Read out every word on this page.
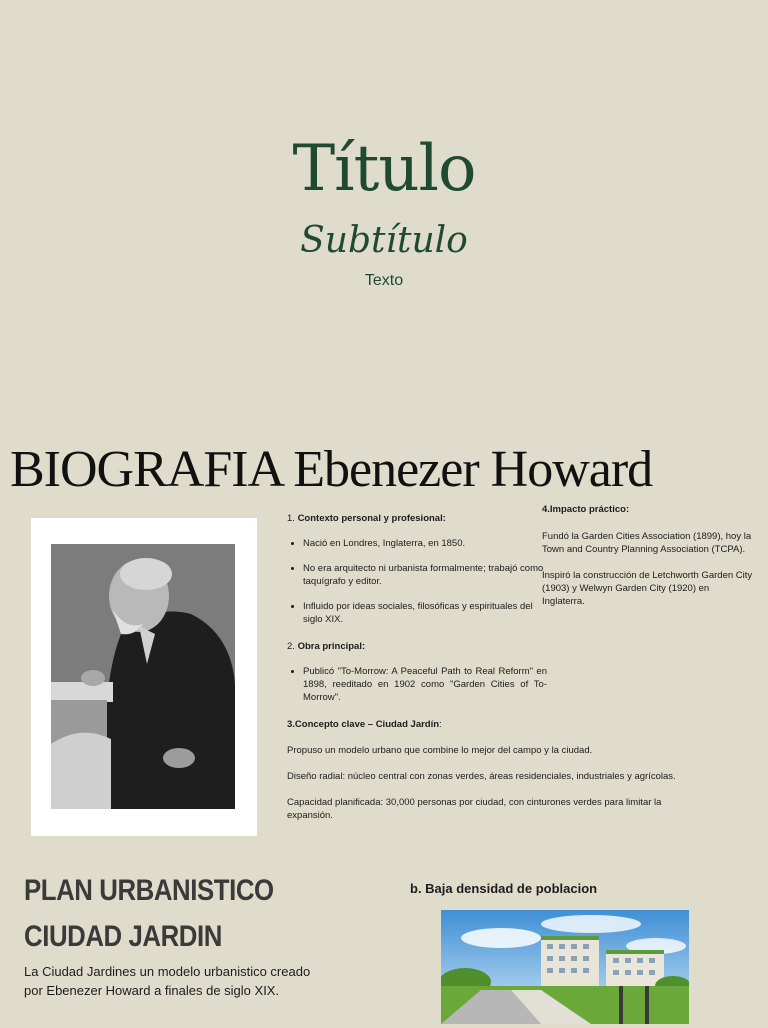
Título
Subtítulo
Texto
BIOGRAFIA Ebenezer Howard
1. Contexto personal y profesional:
• Nació en Londres, Inglaterra, en 1850.
• No era arquitecto ni urbanista formalmente; trabajó como taquígrafo y editor.
• Influido por ideas sociales, filosóficas y espirituales del siglo XIX.
2. Obra principal:
• Publicó "To-Morrow: A Peaceful Path to Real Reform" en 1898, reeditado en 1902 como "Garden Cities of To-Morrow".
3.Concepto clave – Ciudad Jardín:
Propuso un modelo urbano que combine lo mejor del campo y la ciudad.
Diseño radial: núcleo central con zonas verdes, áreas residenciales, industriales y agrícolas.
Capacidad planificada: 30,000 personas por ciudad, con cinturones verdes para limitar la expansión.
4.Impacto práctico:
Fundó la Garden Cities Association (1899), hoy la Town and Country Planning Association (TCPA).
Inspiró la construcción de Letchworth Garden City (1903) y Welwyn Garden City (1920) en Inglaterra.
PLAN URBANISTICO
CIUDAD JARDIN
La Ciudad Jardines un modelo urbanistico creado por Ebenezer Howard a finales de siglo XIX.
b. Baja densidad de poblacion
